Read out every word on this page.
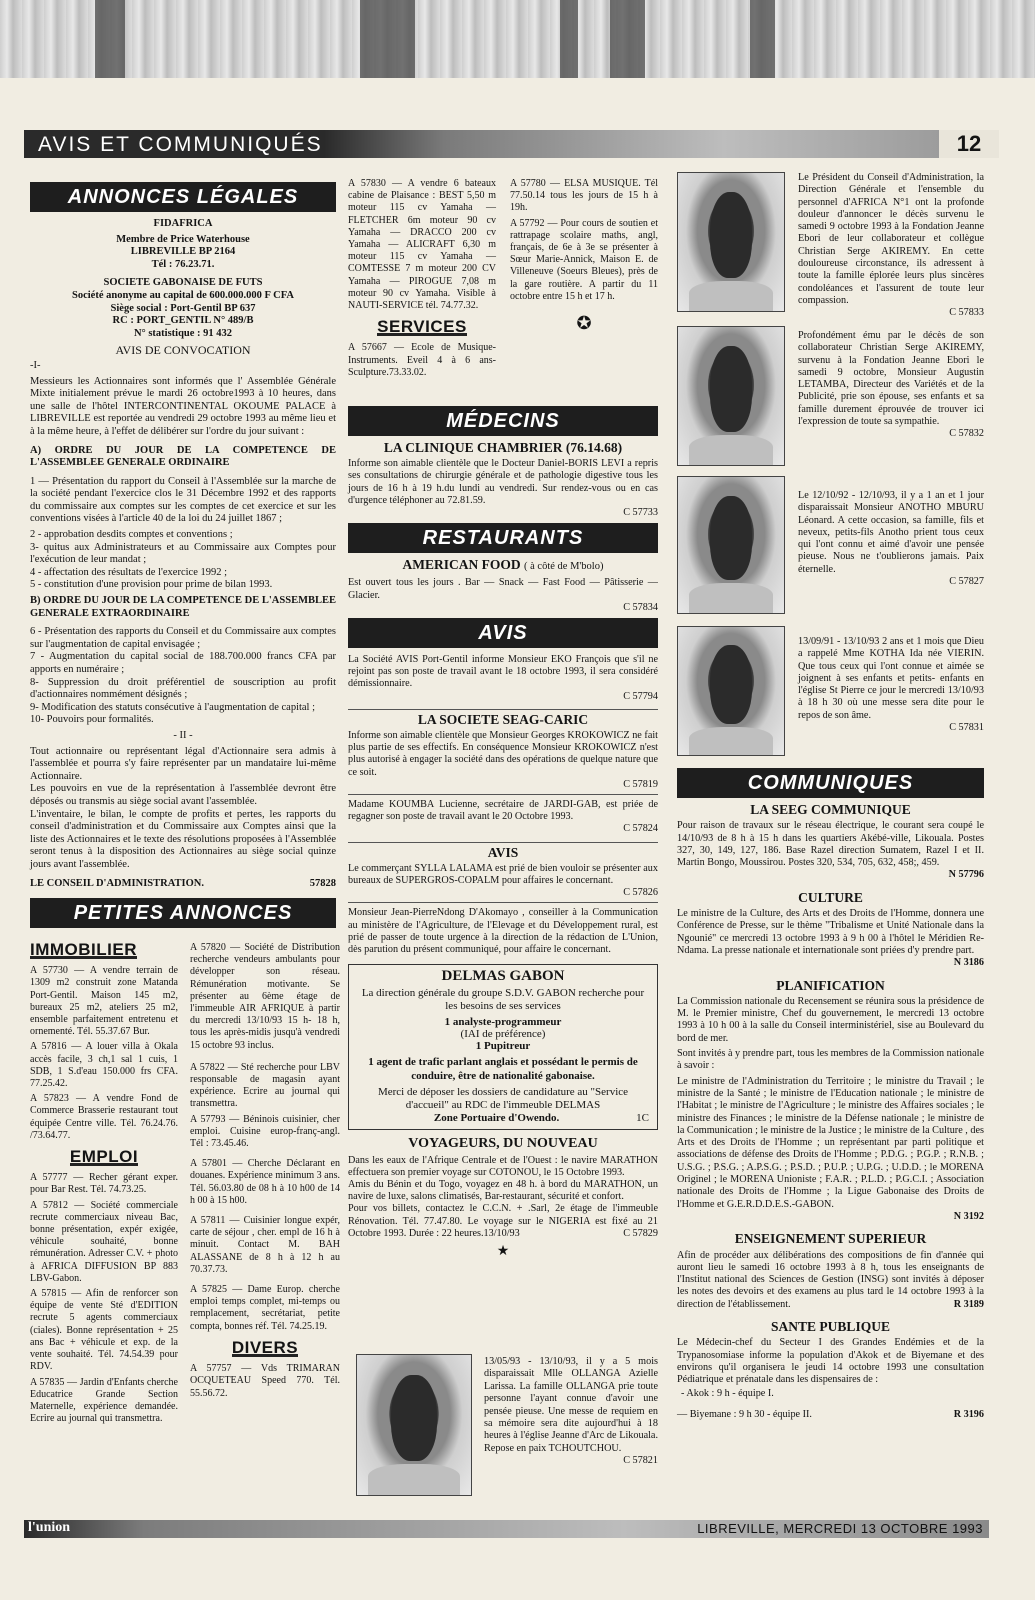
AVIS ET COMMUNIQUÉS	12
ANNONCES LÉGALES

FIDAFRICA

Membre de Price Waterhouse

LIBREVILLE BP 2164

Tél : 76.23.71.

SOCIETE GABONAISE DE FUTS

Société anonyme au capital de 600.000.000 F CFA

Siège social : Port-Gentil BP 637

RC : PORT_GENTIL N° 489/B

N° statistique : 91 432

AVIS DE CONVOCATION

-I-

Messieurs les Actionnaires sont informés que l' Assemblée Générale Mixte initialement prévue le mardi 26 octobre1993 à 10 heures, dans une salle de l'hôtel INTERCONTINENTAL OKOUME PALACE à LIBREVILLE est reportée au vendredi 29 octobre 1993 au même lieu et à la même heure, à l'effet de délibérer sur l'ordre du jour suivant :

A) ORDRE DU JOUR DE LA COMPETENCE DE L'ASSEMBLEE GENERALE ORDINAIRE

1 — Présentation du rapport du Conseil à l'Assemblée sur la marche de la société pendant l'exercice clos le 31 Décembre 1992 et des rapports du commissaire aux comptes sur les comptes de cet exercice et sur les conventions visées à l'article 40 de la loi du 24 juillet 1867 ;

2 - approbation desdits comptes et conventions ;

3- quitus aux Administrateurs et au Commissaire aux Comptes pour l'exécution de leur mandat ;

4 - affectation des résultats de l'exercice 1992 ;

5 - constitution d'une provision pour prime de bilan 1993.

B) ORDRE DU JOUR DE LA COMPETENCE DE L'ASSEMBLEE GENERALE EXTRAORDINAIRE

6 - Présentation des rapports du Conseil et du Commissaire aux comptes sur l'augmentation de capital envisagée ;

7 - Augmentation du capital social de 188.700.000 francs CFA par apports en numéraire ;

8- Suppression du droit préférentiel de souscription au profit d'actionnaires nommément désignés ;

9- Modification des statuts consécutive à l'augmentation de capital ;

10- Pouvoirs pour formalités.

- II -

Tout actionnaire ou représentant légal d'Actionnaire sera admis à l'assemblée et pourra s'y faire représenter par un mandataire lui-même Actionnaire.

Les pouvoirs en vue de la représentation à l'assemblée devront être déposés ou transmis au siège social avant l'assemblée.

L'inventaire, le bilan, le compte de profits et pertes, les rapports du conseil d'administration et du Commissaire aux Comptes ainsi que la liste des Actionnaires et le texte des résolutions proposées à l'Assemblée seront tenus à la disposition des Actionnaires au siège social quinze jours avant l'assemblée.

LE CONSEIL D'ADMINISTRATION.	57828

PETITES ANNONCES
IMMOBILIER

A 57730 — A vendre terrain de 1309 m2 construit zone Matanda Port-Gentil. Maison 145 m2, bureaux 25 m2, ateliers 25 m2, ensemble parfaitement entretenu et ornementé. Tél. 55.37.67 Bur.

A 57816 — A louer villa à Okala accès facile, 3 ch,1 sal 1 cuis, 1 SDB, 1 S.d'eau 150.000 frs CFA. 77.25.42.

A 57823 — A vendre Fond de Commerce Brasserie restaurant tout équipée Centre ville. Tél. 76.24.76. /73.64.77.

EMPLOI

A 57777 — Recher gérant exper. pour Bar Rest. Tél. 74.73.25.

A 57812 — Société commerciale recrute commerciaux niveau Bac, bonne présentation, expér exigée, véhicule souhaité, bonne rémunération. Adresser C.V. + photo à AFRICA DIFFUSION BP 883 LBV-Gabon.

A 57815 — Afin de renforcer son équipe de vente Sté d'EDITION recrute 5 agents commerciaux (ciales). Bonne représentation + 25 ans Bac + véhicule et exp. de la vente souhaité. Tél. 74.54.39 pour RDV.

A 57835 — Jardin d'Enfants cherche Educatrice Grande Section Maternelle, expérience demandée. Ecrire au journal qui transmettra.

A 57820 — Société de Distribution recherche vendeurs ambulants pour développer son réseau. Rémunération motivante. Se présenter au 6ème étage de l'immeuble AIR AFRIQUE à partir du mercredi 13/10/93 15 h- 18 h, tous les après-midis jusqu'à vendredi 15 octobre 93 inclus.

A 57822 — Sté recherche pour LBV responsable de magasin ayant expérience. Ecrire au journal qui transmettra.

A 57793 — Béninois cuisinier, cher emploi. Cuisine europ-franç-angl. Tél : 73.45.46.

A 57801 — Cherche Déclarant en douanes. Expérience minimum 3 ans. Tél. 56.03.80 de 08 h à 10 h00 de 14 h 00 à 15 h00.

A 57811 — Cuisinier longue expér, carte de séjour , cher. empl de 16 h à minuit. Contact M. BAH ALASSANE de 8 h à 12 h au 70.37.73.

A 57825 — Dame Europ. cherche emploi temps complet, mi-temps ou remplacement, secrétariat, petite compta, bonnes réf. Tél. 74.25.19.

DIVERS

A 57757 — Vds TRIMARAN OCQUETEAU Speed 770. Tél. 55.56.72.

A 57830 — A vendre 6 bateaux cabine de Plaisance : BEST 5,50 m moteur 115 cv Yamaha — FLETCHER 6m moteur 90 cv Yamaha — DRACCO 200 cv Yamaha — ALICRAFT 6,30 m moteur 115 cv Yamaha — COMTESSE 7 m moteur 200 CV Yamaha — PIROGUE 7,08 m moteur 90 cv Yamaha. Visible à NAUTI-SERVICE tél. 74.77.32.

SERVICES

A 57667 — Ecole de Musique-Instruments. Eveil 4 à 6 ans-Sculpture.73.33.02.

A 57780 — ELSA MUSIQUE. Tél 77.50.14 tous les jours de 15 h à 19h.

A 57792 — Pour cours de soutien et rattrapage scolaire maths, angl, français, de 6e à 3e se présenter à Sœur Marie-Annick, Maison E. de Villeneuve (Soeurs Bleues), près de la gare routière. A partir du 11 octobre entre 15 h et 17 h.

✪
MÉDECINS
LA CLINIQUE CHAMBRIER (76.14.68)

Informe son aimable clientèle que le Docteur Daniel-BORIS LEVI a repris ses consultations de chirurgie générale et de pathologie digestive tous les jours de 16 h à 19 h.du lundi au vendredi. Sur rendez-vous ou en cas d'urgence téléphoner au 72.81.59.

C 57733

RESTAURANTS
AMERICAN FOOD ( à côté de M'bolo)

Est ouvert tous les jours . Bar — Snack — Fast Food — Pâtisserie — Glacier.

C 57834

AVIS

La Société AVIS Port-Gentil informe Monsieur EKO François que s'il ne rejoint pas son poste de travail avant le 18 octobre 1993, il sera considéré démissionnaire.

C 57794

LA SOCIETE SEAG-CARIC

Informe son aimable clientèle que Monsieur Georges KROKOWICZ ne fait plus partie de ses effectifs. En conséquence Monsieur KROKOWICZ n'est plus autorisé à engager la société dans des opérations de quelque nature que ce soit.

C 57819

Madame KOUMBA Lucienne, secrétaire de JARDI-GAB, est priée de regagner son poste de travail avant le 20 Octobre 1993.

C 57824

AVIS

Le commerçant SYLLA LALAMA est prié de bien vouloir se présenter aux bureaux de SUPERGROS-COPALM pour affaires le concernant.

C 57826

Monsieur Jean-PierreNdong D'Akomayo , conseiller à la Communication au ministère de l'Agriculture, de l'Elevage et du Développement rural, est prié de passer de toute urgence à la direction de la rédaction de L'Union, dès parution du présent communiqué, pour affaire le concernant.

DELMAS GABON

La direction générale du groupe S.D.V. GABON recherche pour les besoins de ses services

1 analyste-programmeur

(IAI de préférence)

1 Pupitreur

1 agent de trafic parlant anglais et possédant le permis de conduire, être de nationalité gabonaise.

Merci de déposer les dossiers de candidature au "Service d'accueil" au RDC de l'immeuble DELMAS

Zone Portuaire d'Owendo.	1C

VOYAGEURS, DU NOUVEAU

Dans les eaux de l'Afrique Centrale et de l'Ouest : le navire MARATHON effectuera son premier voyage sur COTONOU, le 15 Octobre 1993.

Amis du Bénin et du Togo, voyagez en 48 h. à bord du MARATHON, un navire de luxe, salons climatisés, Bar-restaurant, sécurité et confort.

Pour vos billets, contactez le C.C.N. + .Sarl, 2e étage de l'immeuble Rénovation. Tél. 77.47.80. Le voyage sur le NIGERIA est fixé au 21 Octobre 1993. Durée : 22 heures.13/10/93	C 57829

★

13/05/93 - 13/10/93, il y a 5 mois disparaissait Mlle OLLANGA Azielle Larissa. La famille OLLANGA prie toute personne l'ayant connue d'avoir une pensée pieuse. Une messe de requiem en sa mémoire sera dite aujourd'hui à 18 heures à l'église Jeanne d'Arc de Likouala. Repose en paix TCHOUTCHOU.

C 57821

Le Président du Conseil d'Administration, la Direction Générale et l'ensemble du personnel d'AFRICA N°1 ont la profonde douleur d'annoncer le décès survenu le samedi 9 octobre 1993 à la Fondation Jeanne Ebori de leur collaborateur et collègue Christian Serge AKIREMY. En cette douloureuse circonstance, ils adressent à toute la famille éplorée leurs plus sincères condoléances et l'assurent de toute leur compassion.

C 57833

Profondément ému par le décès de son collaborateur Christian Serge AKIREMY, survenu à la Fondation Jeanne Ebori le samedi 9 octobre, Monsieur Augustin LETAMBA, Directeur des Variétés et de la Publicité, prie son épouse, ses enfants et sa famille durement éprouvée de trouver ici l'expression de toute sa sympathie.

C 57832

Le 12/10/92 - 12/10/93, il y a 1 an et 1 jour disparaissait Monsieur ANOTHO MBURU Léonard. A cette occasion, sa famille, fils et neveux, petits-fils Anotho prient tous ceux qui l'ont connu et aimé d'avoir une pensée pieuse. Nous ne t'oublierons jamais. Paix éternelle.

C 57827

13/09/91 - 13/10/93 2 ans et 1 mois que Dieu a rappelé Mme KOTHA Ida née VIERIN. Que tous ceux qui l'ont connue et aimée se joignent à ses enfants et petits- enfants en l'église St Pierre ce jour le mercredi 13/10/93 à 18 h 30 où une messe sera dite pour le repos de son âme.

C 57831

COMMUNIQUES
LA SEEG COMMUNIQUE

Pour raison de travaux sur le réseau électrique, le courant sera coupé le 14/10/93 de 8 h à 15 h dans les quartiers Akébé-ville, Likouala. Postes 327, 30, 149, 127, 186. Base Razel direction Sumatem, Razel I et II. Martin Bongo, Moussirou. Postes 320, 534, 705, 632, 458;, 459.

N 57796

CULTURE

Le ministre de la Culture, des Arts et des Droits de l'Homme, donnera une Conférence de Presse, sur le thème "Tribalisme et Unité Nationale dans la Ngounié" ce mercredi 13 octobre 1993 à 9 h 00 à l'hôtel le Méridien Re-Ndama. La presse nationale et internationale sont priées d'y prendre part.

N 3186

PLANIFICATION

La Commission nationale du Recensement se réunira sous la présidence de M. le Premier ministre, Chef du gouvernement, le mercredi 13 octobre 1993 à 10 h 00 à la salle du Conseil interministériel, sise au Boulevard du bord de mer.

Sont invités à y prendre part, tous les membres de la Commission nationale à savoir :

Le ministre de l'Administration du Territoire ; le ministre du Travail ; le ministre de la Santé ; le ministre de l'Education nationale ; le ministre de l'Habitat ; le ministre de l'Agriculture ; le ministre des Affaires sociales ; le ministre des Finances ; le ministre de la Défense nationale ; le ministre de la Communication ; le ministre de la Justice ; le ministre de la Culture , des Arts et des Droits de l'Homme ; un représentant par parti politique et associations de défense des Droits de l'Homme ; P.D.G. ; P.G.P. ; R.N.B. ; U.S.G. ; P.S.G. ; A.P.S.G. ; P.S.D. ; P.U.P. ; U.P.G. ; U.D.D. ; le MORENA Originel ; le MORENA Unioniste ; F.A.R. ; P.L.D. ; P.G.C.I. ; Association nationale des Droits de l'Homme ; la Ligue Gabonaise des Droits de l'Homme et G.E.R.D.D.E.S.-GABON.

N 3192

ENSEIGNEMENT SUPERIEUR

Afin de procéder aux délibérations des compositions de fin d'année qui auront lieu le samedi 16 octobre 1993 à 8 h, tous les enseignants de l'Institut national des Sciences de Gestion (INSG) sont invités à déposer les notes des devoirs et des examens au plus tard le 14 octobre 1993 à la direction de l'établissement.	R 3189

SANTE PUBLIQUE

Le Médecin-chef du Secteur I des Grandes Endémies et de la Trypanosomiase informe la population d'Akok et de Biyemane et des environs qu'il organisera le jeudi 14 octobre 1993 une consultation Pédiatrique et prénatale dans les dispensaires de :

- Akok : 9 h - équipe I.

— Biyemane : 9 h 30 - équipe II.	R 3196

l'union	LIBREVILLE, MERCREDI 13 OCTOBRE 1993
